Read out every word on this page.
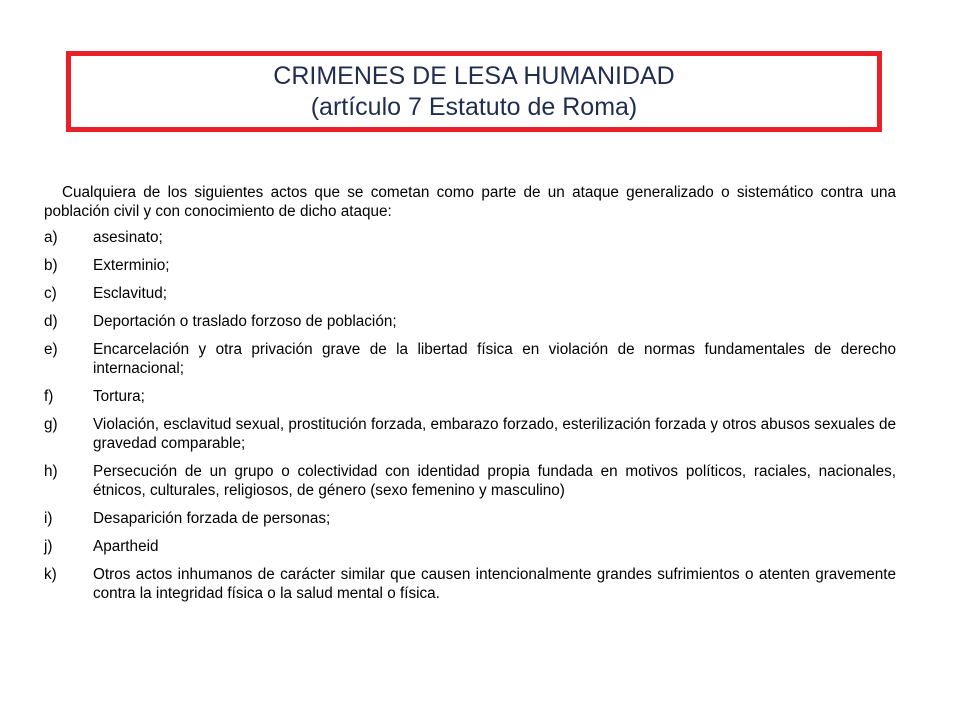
CRIMENES DE LESA HUMANIDAD
(artículo 7 Estatuto de Roma)

Cualquiera de los siguientes actos que se cometan como parte de un ataque generalizado o sistemático contra una población civil y con conocimiento de dicho ataque:

a)	asesinato;
b)	Exterminio;
c)	Esclavitud;
d)	Deportación o traslado forzoso de población;
e)	Encarcelación y otra privación grave de la libertad física en violación de normas fundamentales de derecho internacional;
f)	Tortura;
g)	Violación, esclavitud sexual, prostitución forzada, embarazo forzado, esterilización forzada y otros abusos sexuales de gravedad comparable;
h)	Persecución de un grupo o colectividad con identidad propia fundada en motivos políticos, raciales, nacionales, étnicos, culturales, religiosos, de género (sexo femenino y masculino)
i)	Desaparición forzada de personas;
j)	Apartheid
k)	Otros actos inhumanos de carácter similar que causen intencionalmente grandes sufrimientos o atenten gravemente contra la integridad física o la salud mental o física.
